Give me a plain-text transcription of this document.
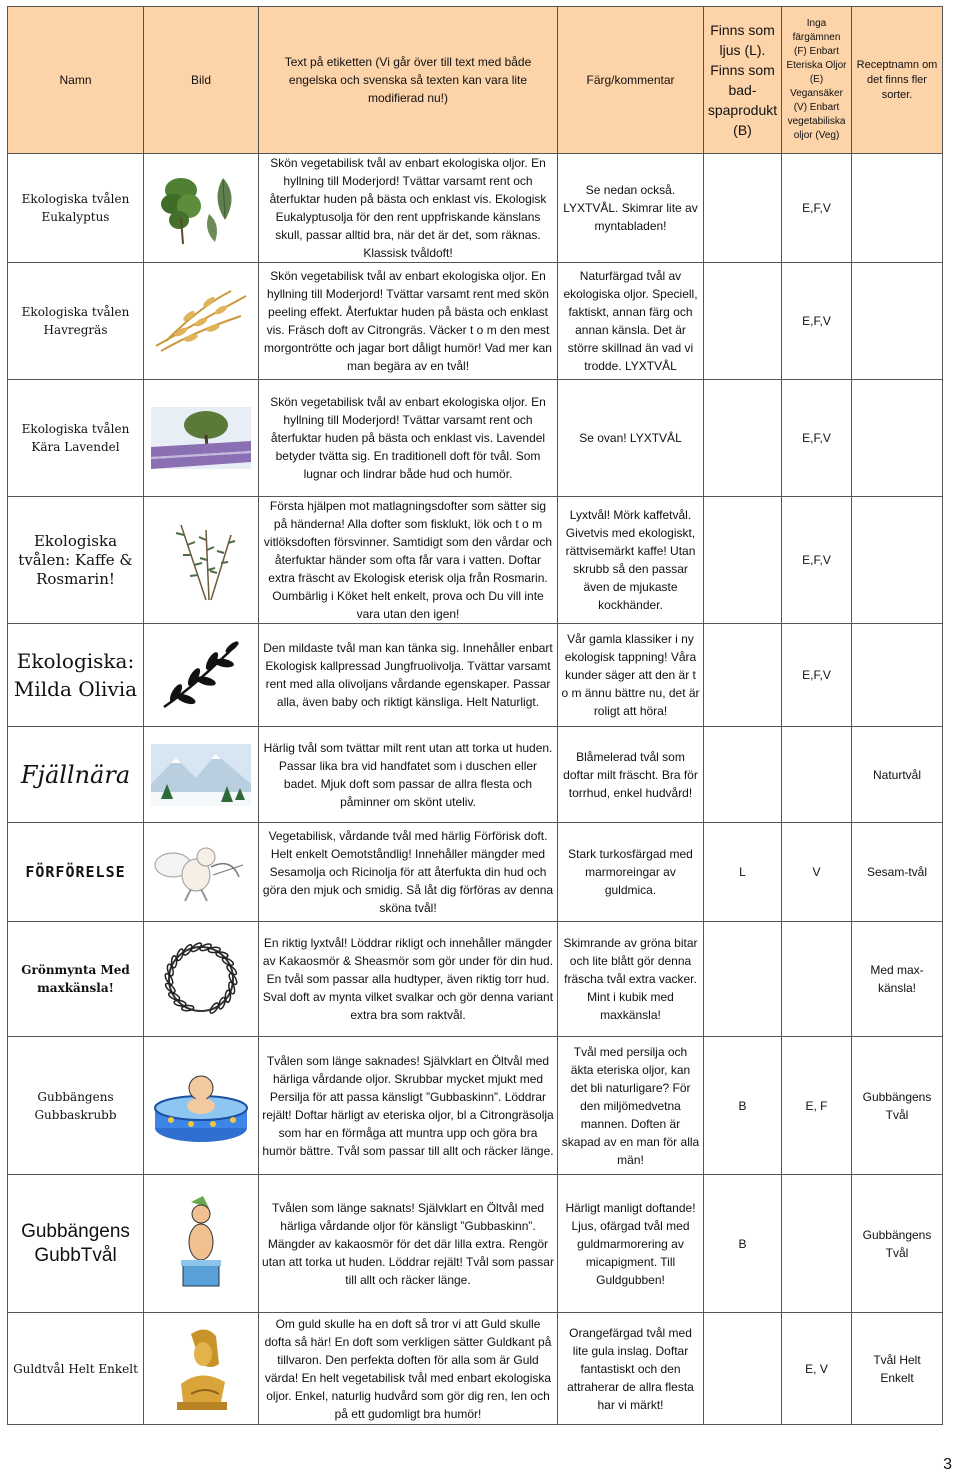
Namn	Bild	Text på etiketten (Vi går över till text med både engelska och svenska så texten kan vara lite modifierad nu!)	Färg/kommentar	Finns som ljus (L). Finns som bad-spaprodukt (B)	Inga färgämnen (F) Enbart Eteriska Oljor (E) Vegansäker (V) Enbart vegetabiliska oljor (Veg)	Receptnamn om det finns fler sorter.
Ekologiska tvålen Eukalyptus		Skön vegetabilisk tvål av enbart ekologiska oljor. En hyllning till Moderjord! Tvättar varsamt rent och återfuktar huden på bästa och enklast vis. Ekologisk Eukalyptusolja för den rent uppfriskande känslans skull, passar alltid bra, när det är det, som räknas. Klassisk tvåldoft!	Se nedan också. LYXTVÅL. Skimrar lite av myntabladen!		E,F,V	
Ekologiska tvålen Havregräs		Skön vegetabilisk tvål av enbart ekologiska oljor. En hyllning till Moderjord! Tvättar varsamt rent med skön peeling effekt. Återfuktar huden på bästa och enklast vis. Fräsch doft av Citrongräs. Väcker t o m den mest morgontrötte och jagar bort dåligt humör! Vad mer kan man begära av en tvål!	Naturfärgad tvål av ekologiska oljor. Speciell, faktiskt, annan färg och annan känsla. Det är större skillnad än vad vi trodde. LYXTVÅL		E,F,V	
Ekologiska tvålen Kära Lavendel		Skön vegetabilisk tvål av enbart ekologiska oljor. En hyllning till Moderjord! Tvättar varsamt rent och återfuktar huden på bästa och enklast vis. Lavendel betyder tvätta sig. En traditionell doft för tvål. Som lugnar och lindrar både hud och humör.	Se ovan! LYXTVÅL		E,F,V	
Ekologiska tvålen: Kaffe & Rosmarin!		Första hjälpen mot matlagningsdofter som sätter sig på händerna! Alla dofter som fisklukt, lök och t o m vitlöksdoften försvinner. Samtidigt som den vårdar och återfuktar händer som ofta får vara i vatten. Doftar extra fräscht av Ekologisk eterisk olja från Rosmarin. Oumbärlig i Köket helt enkelt, prova och Du vill inte vara utan den igen!	Lyxtvål! Mörk kaffetvål. Givetvis med ekologiskt, rättvisemärkt kaffe! Utan skrubb så den passar även de mjukaste kockhänder.		E,F,V	
Ekologiska: Milda Olivia		Den mildaste tvål man kan tänka sig. Innehåller enbart Ekologisk kallpressad Jungfruolivolja. Tvättar varsamt rent med alla olivoljans vårdande egenskaper. Passar alla, även baby och riktigt känsliga. Helt Naturligt.	Vår gamla klassiker i ny ekologisk tappning! Våra kunder säger att den är t o m ännu bättre nu, det är roligt att höra!		E,F,V	
Fjällnära		Härlig tvål som tvättar milt rent utan att torka ut huden. Passar lika bra vid handfatet som i duschen eller badet. Mjuk doft som passar de allra flesta och påminner om skönt uteliv.	Blåmelerad tvål som doftar milt fräscht. Bra för torrhud, enkel hudvård!			Naturtvål
FÖRFÖRELSE		Vegetabilisk, vårdande tvål med härlig Förförisk doft. Helt enkelt Oemotståndlig! Innehåller mängder med Sesamolja och Ricinolja för att återfukta din hud och göra den mjuk och smidig. Så låt dig förföras av denna sköna tvål!	Stark turkosfärgad med marmoreingar av guldmica.	L	V	Sesam-tvål
Grönmynta Med maxkänsla!		En riktig lyxtvål! Löddrar rikligt och innehåller mängder av Kakaosmör & Sheasmör som gör under för din hud. En tvål som passar alla hudtyper, även riktig torr hud. Sval doft av mynta vilket svalkar och gör denna variant extra bra som raktvål.	Skimrande av gröna bitar och lite blått gör denna fräscha tvål extra vacker. Mint i kubik med maxkänsla!			Med max-känsla!
Gubbängens Gubbaskrubb		Tvålen som länge saknades! Självklart en Öltvål med härliga vårdande oljor. Skrubbar mycket mjukt med Persilja för att passa känsligt ”Gubbaskinn”. Löddrar rejält! Doftar härligt av eteriska oljor, bl a Citrongräsolja som har en förmåga att muntra upp och göra bra humör bättre. Tvål som passar till allt och räcker länge.	Tvål med persilja och äkta eteriska oljor, kan det bli naturligare? För den miljömedvetna mannen. Doften är skapad av en man för alla män!	B	E, F	Gubbängens Tvål
Gubbängens GubbTvål		Tvålen som länge saknats! Självklart en Öltvål med härliga vårdande oljor för känsligt ”Gubbaskinn”. Mängder av kakaosmör för det där lilla extra. Rengör utan att torka ut huden. Löddrar rejält! Tvål som passar till allt och räcker länge.	Härligt manligt doftande! Ljus, ofärgad tvål med guldmarmorering av micapigment. Till Guldgubben!	B		Gubbängens Tvål
Guldtvål Helt Enkelt		Om guld skulle ha en doft så tror vi att Guld skulle dofta så här! En doft som verkligen sätter Guldkant på tillvaron. Den perfekta doften för alla som är Guld värda! En helt vegetabilisk tvål med enbart ekologiska oljor. Enkel, naturlig hudvård som gör dig ren, len och på ett gudomligt bra humör!	Orangefärgad tvål med lite gula inslag. Doftar fantastiskt och den attraherar de allra flesta har vi märkt!		E, V	Tvål Helt Enkelt
3
